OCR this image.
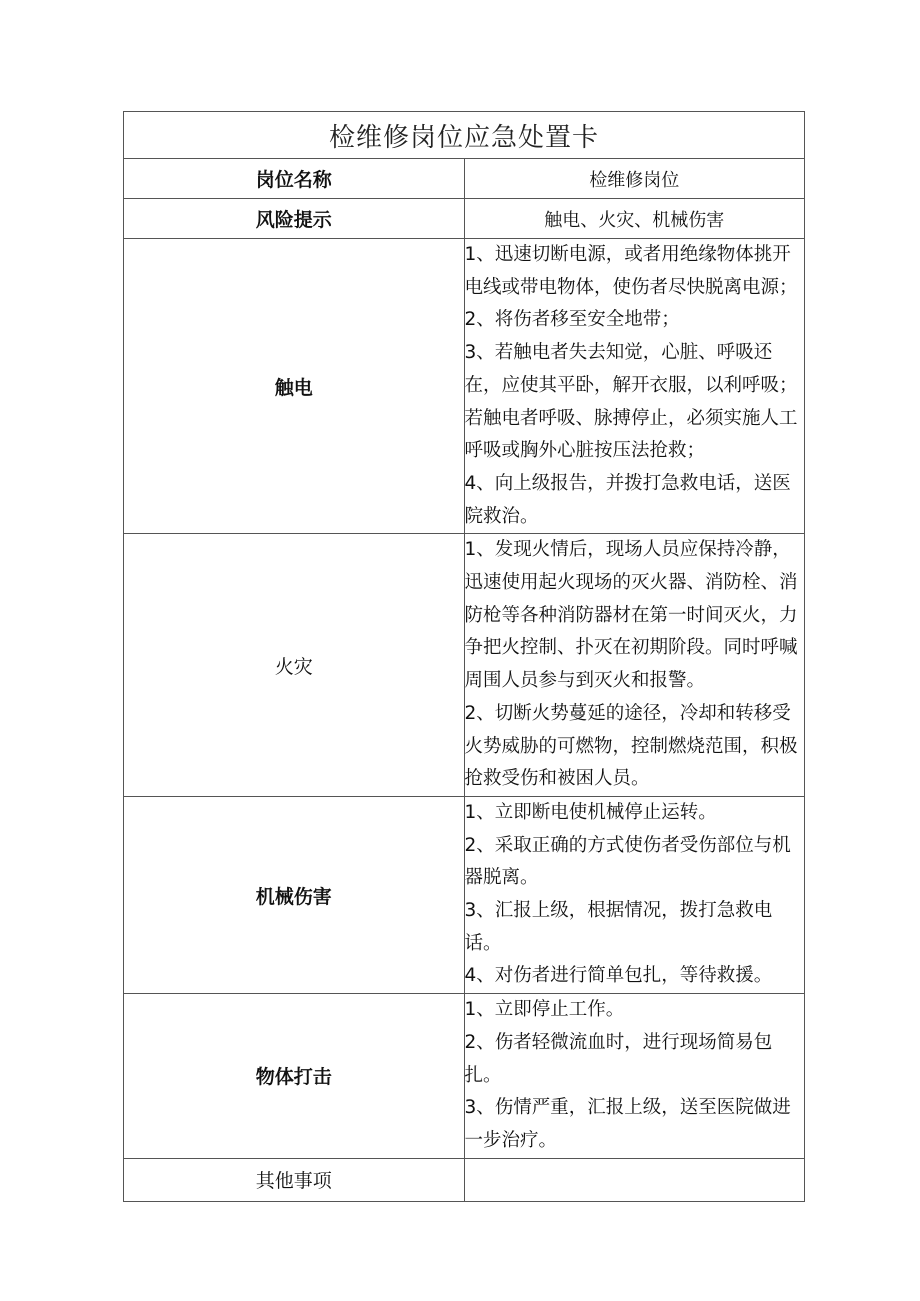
检维修岗位应急处置卡	
岗位名称	检维修岗位
风险提示	触电、火灾、机械伤害
触电	1、迅速切断电源，或者用绝缘物体挑开电线或带电物体，使伤者尽快脱离电源；

2、将伤者移至安全地带；

3、若触电者失去知觉，心脏、呼吸还在，应使其平卧，解开衣服，以利呼吸；若触电者呼吸、脉搏停止，必须实施人工呼吸或胸外心脏按压法抢救；

4、向上级报告，并拨打急救电话，送医院救治。

火灾	1、发现火情后，现场人员应保持冷静，迅速使用起火现场的灭火器、消防栓、消防枪等各种消防器材在第一时间灭火，力争把火控制、扑灭在初期阶段。同时呼喊周围人员参与到灭火和报警。

2、切断火势蔓延的途径，冷却和转移受火势威胁的可燃物，控制燃烧范围，积极抢救受伤和被困人员。

机械伤害	1、立即断电使机械停止运转。

2、采取正确的方式使伤者受伤部位与机器脱离。

3、汇报上级，根据情况，拨打急救电话。

4、对伤者进行简单包扎，等待救援。

物体打击	1、立即停止工作。

2、伤者轻微流血时，进行现场简易包扎。

3、伤情严重，汇报上级，送至医院做进一步治疗。

其他事项	
